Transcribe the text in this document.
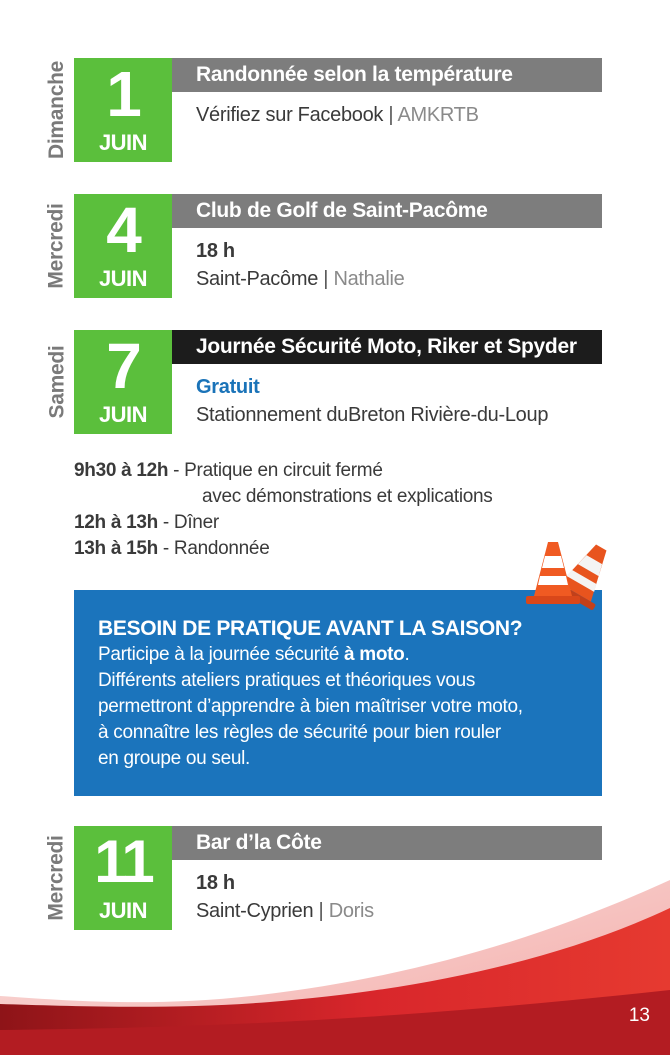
Dimanche 1
JUIN
Randonnée selon la température
Vérifiez sur Facebook | AMKRTB
Mercredi 4
JUIN
Club de Golf de Saint-Pacôme
18 h
Saint-Pacôme | Nathalie
Samedi 7
JUIN
Journée Sécurité Moto, Riker et Spyder
Gratuit
Stationnement duBreton Rivière-du-Loup
9h30 à 12h - Pratique en circuit fermé
avec démonstrations et explications
12h à 13h - Dîner
13h à 15h - Randonnée
BESOIN DE PRATIQUE AVANT LA SAISON?
Participe à la journée sécurité à moto.
Différents ateliers pratiques et théoriques vous
permettront d’apprendre à bien maîtriser votre moto,
à connaître les règles de sécurité pour bien rouler
en groupe ou seul.
Mercredi 11
JUIN
Bar d’la Côte
18 h
Saint-Cyprien | Doris
13
